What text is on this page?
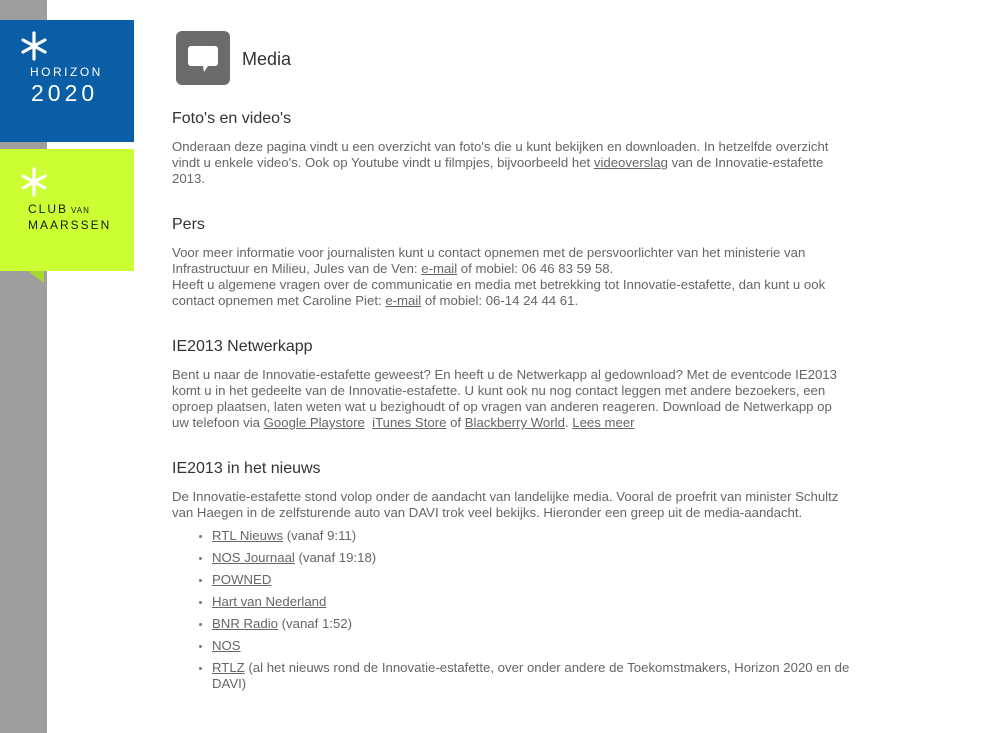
HORIZON
2020
CLUB VAN
MAARSSEN
Media
Foto's en video's

Onderaan deze pagina vindt u een overzicht van foto's die u kunt bekijken en downloaden. In hetzelfde overzicht vindt u enkele video's. Ook op Youtube vindt u filmpjes, bijvoorbeeld het videoverslag van de Innovatie-estafette 2013.

Pers

Voor meer informatie voor journalisten kunt u contact opnemen met de persvoorlichter van het ministerie van Infrastructuur en Milieu, Jules van de Ven: e-mail of mobiel: 06 46 83 59 58.
Heeft u algemene vragen over de communicatie en media met betrekking tot Innovatie-estafette, dan kunt u ook contact opnemen met Caroline Piet: e-mail of mobiel: 06-14 24 44 61.

IE2013 Netwerkapp

Bent u naar de Innovatie-estafette geweest? En heeft u de Netwerkapp al gedownload? Met de eventcode IE2013 komt u in het gedeelte van de Innovatie-estafette. U kunt ook nu nog contact leggen met andere bezoekers, een oproep plaatsen, laten weten wat u bezighoudt of op vragen van anderen reageren. Download de Netwerkapp op uw telefoon via Google Playstore iTunes Store of Blackberry World. Lees meer

IE2013 in het nieuws

De Innovatie-estafette stond volop onder de aandacht van landelijke media. Vooral de proefrit van minister Schultz van Haegen in de zelfsturende auto van DAVI trok veel bekijks. Hieronder een greep uit de media-aandacht.

• RTL Nieuws (vanaf 9:11)
• NOS Journaal (vanaf 19:18)
• POWNED
• Hart van Nederland
• BNR Radio (vanaf 1:52)
• NOS
• RTLZ (al het nieuws rond de Innovatie-estafette, over onder andere de Toekomstmakers, Horizon 2020 en de DAVI)
